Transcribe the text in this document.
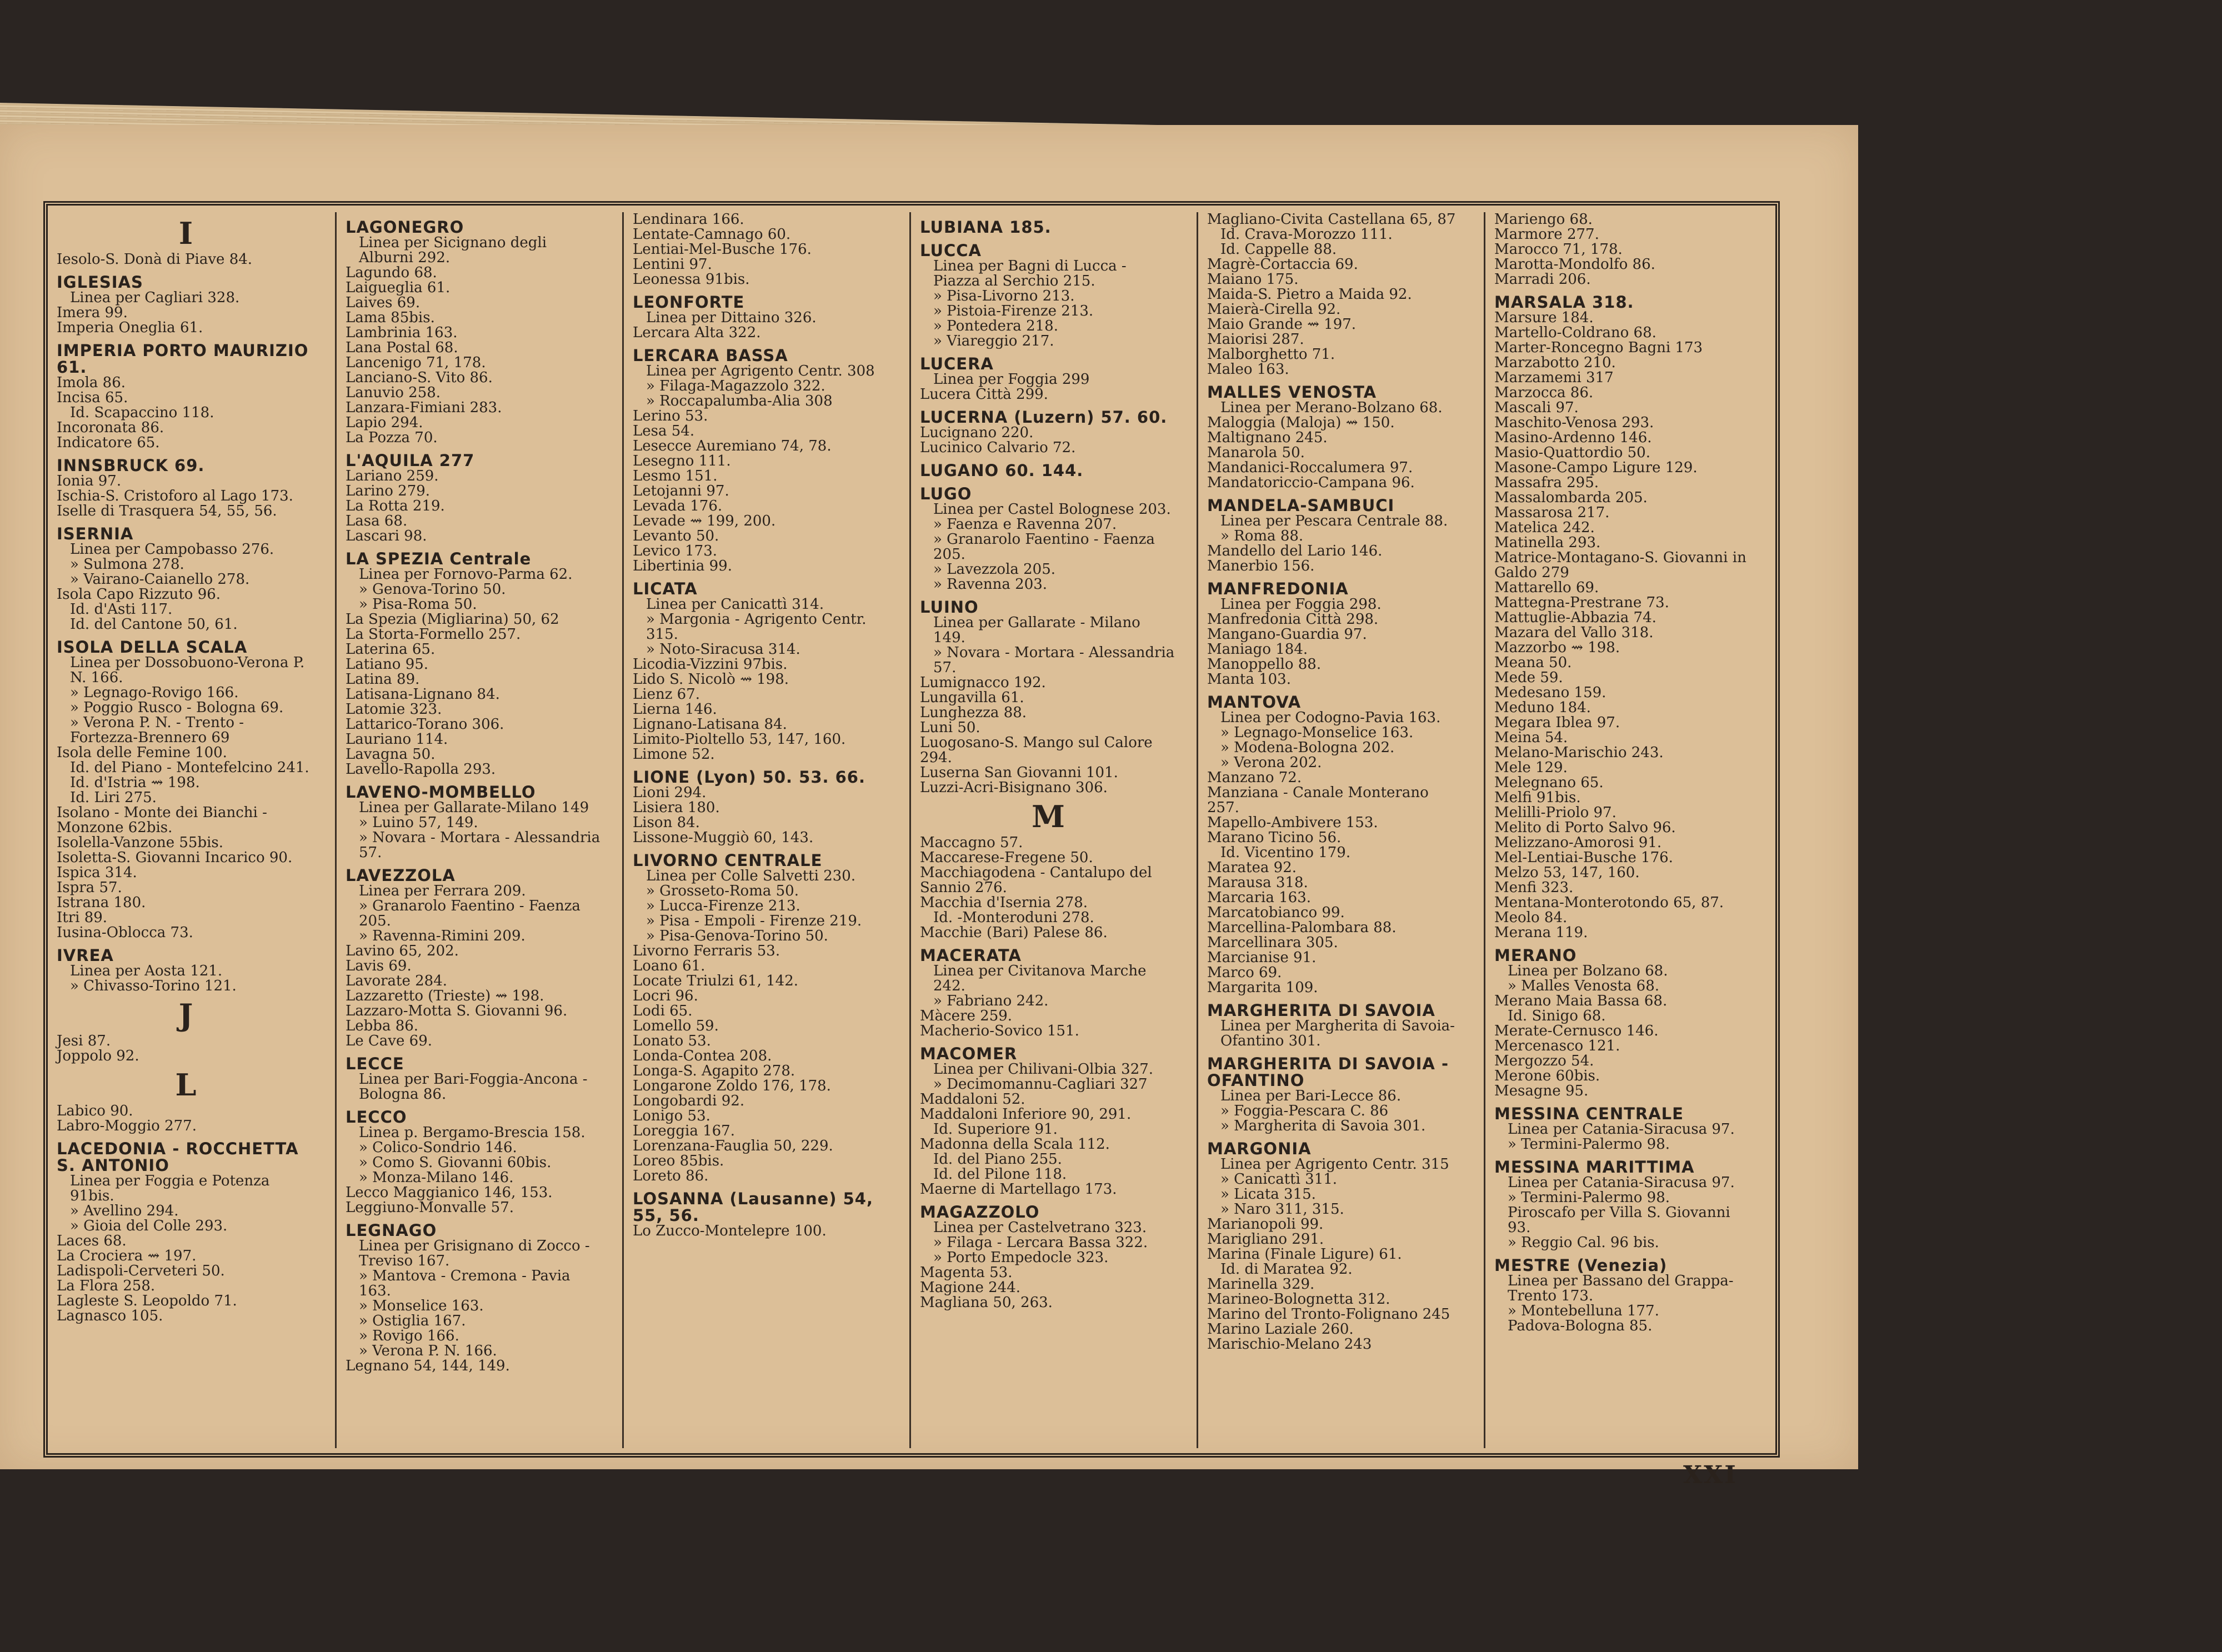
I
Iesolo-S. Donà di Piave 84.
IGLESIAS
Linea per Cagliari 328.
Imera 99.
Imperia Oneglia 61.
IMPERIA PORTO MAURIZIO 61.
Imola 86.
Incisa 65.
Id. Scapaccino 118.
Incoronata 86.
Indicatore 65.
INNSBRUCK 69.
Ionia 97.
Ischia-S. Cristoforo al Lago 173.
Iselle di Trasquera 54, 55, 56.
ISERNIA
Linea per Campobasso 276.
» Sulmona 278.
» Vairano-Caianello 278.
Isola Capo Rizzuto 96.
Id. d'Asti 117.
Id. del Cantone 50, 61.
ISOLA DELLA SCALA
Linea per Dossobuono-Verona P. N. 166.
» Legnago-Rovigo 166.
» Poggio Rusco - Bologna 69.
» Verona P. N. - Trento - Fortezza-Brennero 69
Isola delle Femine 100.
Id. del Piano - Montefelcino 241.
Id. d'Istria ⇝ 198.
Id. Liri 275.
Isolano - Monte dei Bianchi - Monzone 62bis.
Isolella-Vanzone 55bis.
Isoletta-S. Giovanni Incarico 90.
Ispica 314.
Ispra 57.
Istrana 180.
Itri 89.
Iusina-Oblocca 73.
IVREA
Linea per Aosta 121.
» Chivasso-Torino 121.
J
Jesi 87.
Joppolo 92.
L
Labico 90.
Labro-Moggio 277.
LACEDONIA - ROCCHETTA S. ANTONIO
Linea per Foggia e Potenza 91bis.
» Avellino 294.
» Gioia del Colle 293.
Laces 68.
La Crociera ⇝ 197.
Ladispoli-Cerveteri 50.
La Flora 258.
Lagleste S. Leopoldo 71.
Lagnasco 105.
LAGONEGRO
Linea per Sicignano degli Alburni 292.
Lagundo 68.
Laigueglia 61.
Laives 69.
Lama 85bis.
Lambrinia 163.
Lana Postal 68.
Lancenigo 71, 178.
Lanciano-S. Vito 86.
Lanuvio 258.
Lanzara-Fimiani 283.
Lapio 294.
La Pozza 70.
L'AQUILA 277
Lariano 259.
Larino 279.
La Rotta 219.
Lasa 68.
Lascari 98.
LA SPEZIA Centrale
Linea per Fornovo-Parma 62.
» Genova-Torino 50.
» Pisa-Roma 50.
La Spezia (Migliarina) 50, 62
La Storta-Formello 257.
Laterina 65.
Latiano 95.
Latina 89.
Latisana-Lignano 84.
Latomie 323.
Lattarico-Torano 306.
Lauriano 114.
Lavagna 50.
Lavello-Rapolla 293.
LAVENO-MOMBELLO
Linea per Gallarate-Milano 149
» Luino 57, 149.
» Novara - Mortara - Alessandria 57.
LAVEZZOLA
Linea per Ferrara 209.
» Granarolo Faentino - Faenza 205.
» Ravenna-Rimini 209.
Lavino 65, 202.
Lavis 69.
Lavorate 284.
Lazzaretto (Trieste) ⇝ 198.
Lazzaro-Motta S. Giovanni 96.
Lebba 86.
Le Cave 69.
LECCE
Linea per Bari-Foggia-Ancona -Bologna 86.
LECCO
Linea p. Bergamo-Brescia 158.
» Colico-Sondrio 146.
» Como S. Giovanni 60bis.
» Monza-Milano 146.
Lecco Maggianico 146, 153.
Leggiuno-Monvalle 57.
LEGNAGO
Linea per Grisignano di Zocco -Treviso 167.
» Mantova - Cremona - Pavia 163.
» Monselice 163.
» Ostiglia 167.
» Rovigo 166.
» Verona P. N. 166.
Legnano 54, 144, 149.
Lendinara 166.
Lentate-Camnago 60.
Lentiai-Mel-Busche 176.
Lentini 97.
Leonessa 91bis.
LEONFORTE
Linea per Dittaino 326.
Lercara Alta 322.
LERCARA BASSA
Linea per Agrigento Centr. 308
» Filaga-Magazzolo 322.
» Roccapalumba-Alia 308
Lerino 53.
Lesa 54.
Lesecce Auremiano 74, 78.
Lesegno 111.
Lesmo 151.
Letojanni 97.
Levada 176.
Levade ⇝ 199, 200.
Levanto 50.
Levico 173.
Libertinia 99.
LICATA
Linea per Canicattì 314.
» Margonia - Agrigento Centr. 315.
» Noto-Siracusa 314.
Licodia-Vizzini 97bis.
Lido S. Nicolò ⇝ 198.
Lienz 67.
Lierna 146.
Lignano-Latisana 84.
Limito-Pioltello 53, 147, 160.
Limone 52.
LIONE (Lyon) 50. 53. 66.
Lioni 294.
Lisiera 180.
Lison 84.
Lissone-Muggiò 60, 143.
LIVORNO CENTRALE
Linea per Colle Salvetti 230.
» Grosseto-Roma 50.
» Lucca-Firenze 213.
» Pisa - Empoli - Firenze 219.
» Pisa-Genova-Torino 50.
Livorno Ferraris 53.
Loano 61.
Locate Triulzi 61, 142.
Locri 96.
Lodi 65.
Lomello 59.
Lonato 53.
Londa-Contea 208.
Longa-S. Agapito 278.
Longarone Zoldo 176, 178.
Longobardi 92.
Lonigo 53.
Loreggia 167.
Lorenzana-Fauglia 50, 229.
Loreo 85bis.
Loreto 86.
LOSANNA (Lausanne) 54, 55, 56.
Lo Zucco-Montelepre 100.
LUBIANA 185.
LUCCA
Linea per Bagni di Lucca - Piazza al Serchio 215.
» Pisa-Livorno 213.
» Pistoia-Firenze 213.
» Pontedera 218.
» Viareggio 217.
LUCERA
Linea per Foggia 299
Lucera Città 299.
LUCERNA (Luzern) 57. 60.
Lucignano 220.
Lucinico Calvario 72.
LUGANO 60. 144.
LUGO
Linea per Castel Bolognese 203.
» Faenza e Ravenna 207.
» Granarolo Faentino - Faenza 205.
» Lavezzola 205.
» Ravenna 203.
LUINO
Linea per Gallarate - Milano 149.
» Novara - Mortara - Alessandria 57.
Lumignacco 192.
Lungavilla 61.
Lunghezza 88.
Luni 50.
Luogosano-S. Mango sul Calore 294.
Luserna San Giovanni 101.
Luzzi-Acri-Bisignano 306.
M
Maccagno 57.
Maccarese-Fregene 50.
Macchiagodena - Cantalupo del Sannio 276.
Macchia d'Isernia 278.
Id. -Monteroduni 278.
Macchie (Bari) Palese 86.
MACERATA
Linea per Civitanova Marche 242.
» Fabriano 242.
Màcere 259.
Macherio-Sovico 151.
MACOMER
Linea per Chilivani-Olbia 327.
» Decimomannu-Cagliari 327
Maddaloni 52.
Maddaloni Inferiore 90, 291.
Id. Superiore 91.
Madonna della Scala 112.
Id. del Piano 255.
Id. del Pilone 118.
Maerne di Martellago 173.
MAGAZZOLO
Linea per Castelvetrano 323.
» Filaga - Lercara Bassa 322.
» Porto Empedocle 323.
Magenta 53.
Magione 244.
Magliana 50, 263.
Magliano-Civita Castellana 65, 87
Id. Crava-Morozzo 111.
Id. Cappelle 88.
Magrè-Cortaccia 69.
Maiano 175.
Maida-S. Pietro a Maida 92.
Maierà-Cirella 92.
Maio Grande ⇝ 197.
Maiorisi 287.
Malborghetto 71.
Maleo 163.
MALLES VENOSTA
Linea per Merano-Bolzano 68.
Maloggia (Maloja) ⇝ 150.
Maltignano 245.
Manarola 50.
Mandanici-Roccalumera 97.
Mandatoriccio-Campana 96.
MANDELA-SAMBUCI
Linea per Pescara Centrale 88.
» Roma 88.
Mandello del Lario 146.
Manerbio 156.
MANFREDONIA
Linea per Foggia 298.
Manfredonia Città 298.
Mangano-Guardia 97.
Maniago 184.
Manoppello 88.
Manta 103.
MANTOVA
Linea per Codogno-Pavia 163.
» Legnago-Monselice 163.
» Modena-Bologna 202.
» Verona 202.
Manzano 72.
Manziana - Canale Monterano 257.
Mapello-Ambivere 153.
Marano Ticino 56.
Id. Vicentino 179.
Maratea 92.
Marausa 318.
Marcaria 163.
Marcatobianco 99.
Marcellina-Palombara 88.
Marcellinara 305.
Marcianise 91.
Marco 69.
Margarita 109.
MARGHERITA DI SAVOIA
Linea per Margherita di Savoia-Ofantino 301.
MARGHERITA DI SAVOIA -OFANTINO
Linea per Bari-Lecce 86.
» Foggia-Pescara C. 86
» Margherita di Savoia 301.
MARGONIA
Linea per Agrigento Centr. 315
» Canicattì 311.
» Licata 315.
» Naro 311, 315.
Marianopoli 99.
Marigliano 291.
Marina (Finale Ligure) 61.
Id. di Maratea 92.
Marinella 329.
Marineo-Bolognetta 312.
Marino del Tronto-Folignano 245
Marino Laziale 260.
Marischio-Melano 243
Mariengo 68.
Marmore 277.
Marocco 71, 178.
Marotta-Mondolfo 86.
Marradi 206.
MARSALA 318.
Marsure 184.
Martello-Coldrano 68.
Marter-Roncegno Bagni 173
Marzabotto 210.
Marzamemi 317
Marzocca 86.
Mascali 97.
Maschito-Venosa 293.
Masino-Ardenno 146.
Masio-Quattordio 50.
Masone-Campo Ligure 129.
Massafra 295.
Massalombarda 205.
Massarosa 217.
Matelica 242.
Matinella 293.
Matrice-Montagano-S. Giovanni in Galdo 279
Mattarello 69.
Mattegna-Prestrane 73.
Mattuglie-Abbazia 74.
Mazara del Vallo 318.
Mazzorbo ⇝ 198.
Meana 50.
Mede 59.
Medesano 159.
Meduno 184.
Megara Iblea 97.
Meina 54.
Melano-Marischio 243.
Mele 129.
Melegnano 65.
Melfi 91bis.
Melilli-Priolo 97.
Melito di Porto Salvo 96.
Melizzano-Amorosi 91.
Mel-Lentiai-Busche 176.
Melzo 53, 147, 160.
Menfi 323.
Mentana-Monterotondo 65, 87.
Meolo 84.
Merana 119.
MERANO
Linea per Bolzano 68.
» Malles Venosta 68.
Merano Maia Bassa 68.
Id. Sinigo 68.
Merate-Cernusco 146.
Mercenasco 121.
Mergozzo 54.
Merone 60bis.
Mesagne 95.
MESSINA CENTRALE
Linea per Catania-Siracusa 97.
» Termini-Palermo 98.
MESSINA MARITTIMA
Linea per Catania-Siracusa 97.
» Termini-Palermo 98.
Piroscafo per Villa S. Giovanni 93.
» Reggio Cal. 96 bis.
MESTRE (Venezia)
Linea per Bassano del Grappa-Trento 173.
» Montebelluna 177.
Padova-Bologna 85.
XXI
